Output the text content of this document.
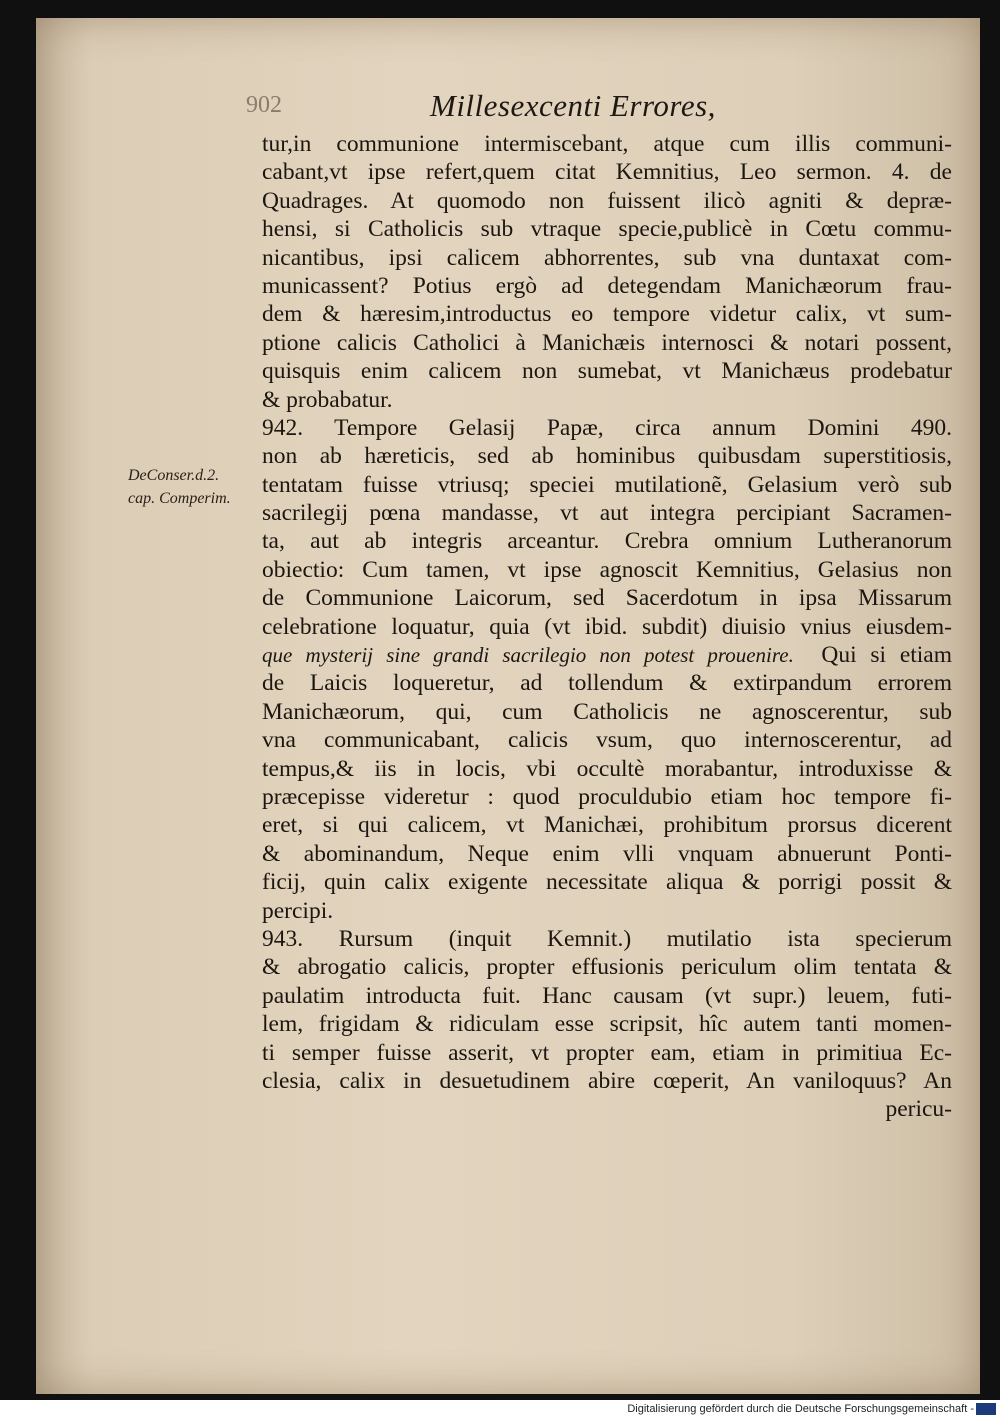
902	Millesexcenti Errores,
DeConser.d.2.
cap. Comperim.
tur,in communione intermiscebant, atque cum illis communi-
cabant,vt ipse refert,quem citat Kemnitius, Leo sermon. 4. de
Quadrages. At quomodo non fuissent ilicò agniti & depræ-
hensi, si Catholicis sub vtraque specie,publicè in Cœtu commu-
nicantibus, ipsi calicem abhorrentes, sub vna duntaxat com-
municassent? Potius ergò ad detegendam Manichæorum frau-
dem & hæresim,introductus eo tempore videtur calix, vt sum-
ptione calicis Catholici à Manichæis internosci & notari possent,
quisquis enim calicem non sumebat, vt Manichæus prodebatur
& probabatur.
942. Tempore Gelasij Papæ, circa annum Domini 490.
non ab hæreticis, sed ab hominibus quibusdam superstitiosis,
tentatam fuisse vtriusq; speciei mutilationẽ, Gelasium verò sub
sacrilegij pœna mandasse, vt aut integra percipiant Sacramen-
ta, aut ab integris arceantur. Crebra omnium Lutheranorum
obiectio: Cum tamen, vt ipse agnoscit Kemnitius, Gelasius non
de Communione Laicorum, sed Sacerdotum in ipsa Missarum
celebratione loquatur, quia (vt ibid. subdit) diuisio vnius eiusdem-
que mysterij sine grandi sacrilegio non potest prouenire. Qui si etiam
de Laicis loqueretur, ad tollendum & extirpandum errorem
Manichæorum, qui, cum Catholicis ne agnoscerentur, sub
vna communicabant, calicis vsum, quo internoscerentur, ad
tempus,& iis in locis, vbi occultè morabantur, introduxisse &
præcepisse videretur : quod proculdubio etiam hoc tempore fi-
eret, si qui calicem, vt Manichæi, prohibitum prorsus dicerent
& abominandum, Neque enim vlli vnquam abnuerunt Ponti-
ficij, quin calix exigente necessitate aliqua & porrigi possit &
percipi.
943. Rursum (inquit Kemnit.) mutilatio ista specierum
& abrogatio calicis, propter effusionis periculum olim tentata &
paulatim introducta fuit. Hanc causam (vt supr.) leuem, futi-
lem, frigidam & ridiculam esse scripsit, hîc autem tanti momen-
ti semper fuisse asserit, vt propter eam, etiam in primitiua Ec-
clesia, calix in desuetudinem abire cœperit, An vaniloquus? An
pericu-
Digitalisierung gefördert durch die Deutsche Forschungsgemeinschaft -
